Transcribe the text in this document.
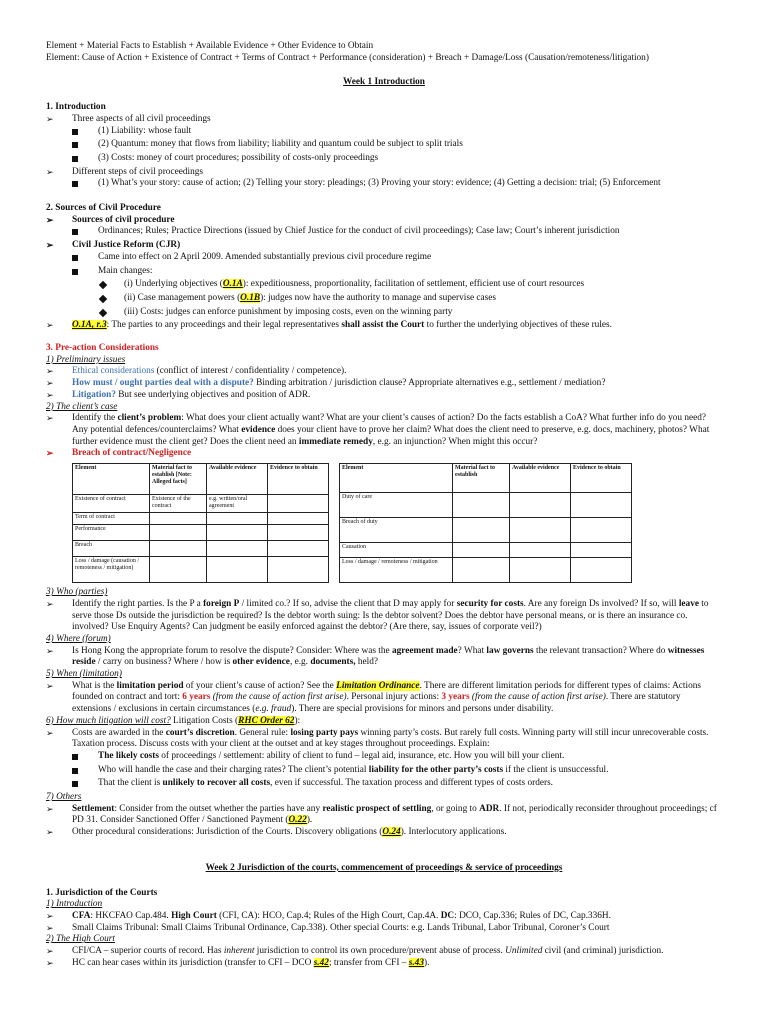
Element + Material Facts to Establish + Available Evidence + Other Evidence to Obtain

Element: Cause of Action + Existence of Contract + Terms of Contract + Performance (consideration) + Breach + Damage/Loss (Causation/remoteness/litigation)

Week 1 Introduction

1. Introduction

➢	Three aspects of all civil proceedings
(1) Liability: whose fault
(2) Quantum: money that flows from liability; liability and quantum could be subject to split trials
(3) Costs: money of court procedures; possibility of costs-only proceedings
➢	Different steps of civil proceedings
(1) What’s your story: cause of action; (2) Telling your story: pleadings; (3) Proving your story: evidence; (4) Getting a decision: trial; (5) Enforcement

2. Sources of Civil Procedure

➢	Sources of civil procedure
Ordinances; Rules; Practice Directions (issued by Chief Justice for the conduct of civil proceedings); Case law; Court’s inherent jurisdiction
➢	Civil Justice Reform (CJR)
Came into effect on 2 April 2009. Amended substantially previous civil procedure regime
Main changes:
(i) Underlying objectives (O.1A): expeditiousness, proportionality, facilitation of settlement, efficient use of court resources
(ii) Case management powers (O.1B): judges now have the authority to manage and supervise cases
(iii) Costs: judges can enforce punishment by imposing costs, even on the winning party
➢	O.1A, r.3: The parties to any proceedings and their legal representatives shall assist the Court to further the underlying objectives of these rules.

3. Pre-action Considerations

1) Preliminary issues

➢	Ethical considerations (conflict of interest / confidentiality / competence).
➢	How must / ought parties deal with a dispute? Binding arbitration / jurisdiction clause? Appropriate alternatives e.g., settlement / mediation?
➢	Litigation? But see underlying objectives and position of ADR.

2) The client’s case

➢	Identify the client’s problem: What does your client actually want? What are your client’s causes of action? Do the facts establish a CoA? What further info do you need? Any potential defences/counterclaims? What evidence does your client have to prove her claim? What does the client need to preserve, e.g. docs, machinery, photos? What further evidence must the client get? Does the client need an immediate remedy, e.g. an injunction? When might this occur?
➢	Breach of contract/Negligence
Element	Material fact to establish [Note: Alleged facts]	Available evidence	Evidence to obtain
Existence of contract	Existence of the contract	e.g. written/oral agreement	
Term of contract			
Performance			
Breach			
Loss / damage (causation / remoteness / mitigation)			
Element	Material fact to establish	Available evidence	Evidence to obtain
Duty of care			
Breach of duty			
Causation			
Loss / damage / remoteness / mitigation			

3) Who (parties)

➢	Identify the right parties. Is the P a foreign P / limited co.? If so, advise the client that D may apply for security for costs. Are any foreign Ds involved? If so, will leave to serve those Ds outside the jurisdiction be required? Is the debtor worth suing: Is the debtor solvent? Does the debtor have personal means, or is there an insurance co. involved? Use Enquiry Agents? Can judgment be easily enforced against the debtor? (Are there, say, issues of corporate veil?)

4) Where (forum)

➢	Is Hong Kong the appropriate forum to resolve the dispute? Consider: Where was the agreement made? What law governs the relevant transaction? Where do witnesses reside / carry on business? Where / how is other evidence, e.g. documents, held?

5) When (limitation)

➢	What is the limitation period of your client’s cause of action? See the Limitation Ordinance. There are different limitation periods for different types of claims: Actions founded on contract and tort: 6 years (from the cause of action first arise). Personal injury actions: 3 years (from the cause of action first arise). There are statutory extensions / exclusions in certain circumstances (e.g. fraud). There are special provisions for minors and persons under disability.

6) How much litigation will cost? Litigation Costs (RHC Order 62):

➢	Costs are awarded in the court’s discretion. General rule: losing party pays winning party’s costs. But rarely full costs. Winning party will still incur unrecoverable costs. Taxation process. Discuss costs with your client at the outset and at key stages throughout proceedings. Explain:
The likely costs of proceedings / settlement: ability of client to fund – legal aid, insurance, etc. How you will bill your client.
Who will handle the case and their charging rates? The client’s potential liability for the other party’s costs if the client is unsuccessful.
That the client is unlikely to recover all costs, even if successful. The taxation process and different types of costs orders.

7) Others

➢	Settlement: Consider from the outset whether the parties have any realistic prospect of settling, or going to ADR. If not, periodically reconsider throughout proceedings; cf PD 31. Consider Sanctioned Offer / Sanctioned Payment (O.22).
➢	Other procedural considerations: Jurisdiction of the Courts. Discovery obligations (O.24). Interlocutory applications.

Week 2 Jurisdiction of the courts, commencement of proceedings & service of proceedings

1. Jurisdiction of the Courts

1) Introduction

➢	CFA: HKCFAO Cap.484. High Court (CFI, CA): HCO, Cap.4; Rules of the High Court, Cap.4A. DC: DCO, Cap.336; Rules of DC, Cap.336H.
➢	Small Claims Tribunal: Small Claims Tribunal Ordinance, Cap.338). Other special Courts: e.g. Lands Tribunal, Labor Tribunal, Coroner’s Court

2) The High Court

➢	CFI/CA – superior courts of record. Has inherent jurisdiction to control its own procedure/prevent abuse of process. Unlimited civil (and criminal) jurisdiction.
➢	HC can hear cases within its jurisdiction (transfer to CFI – DCO s.42; transfer from CFI – s.43).
